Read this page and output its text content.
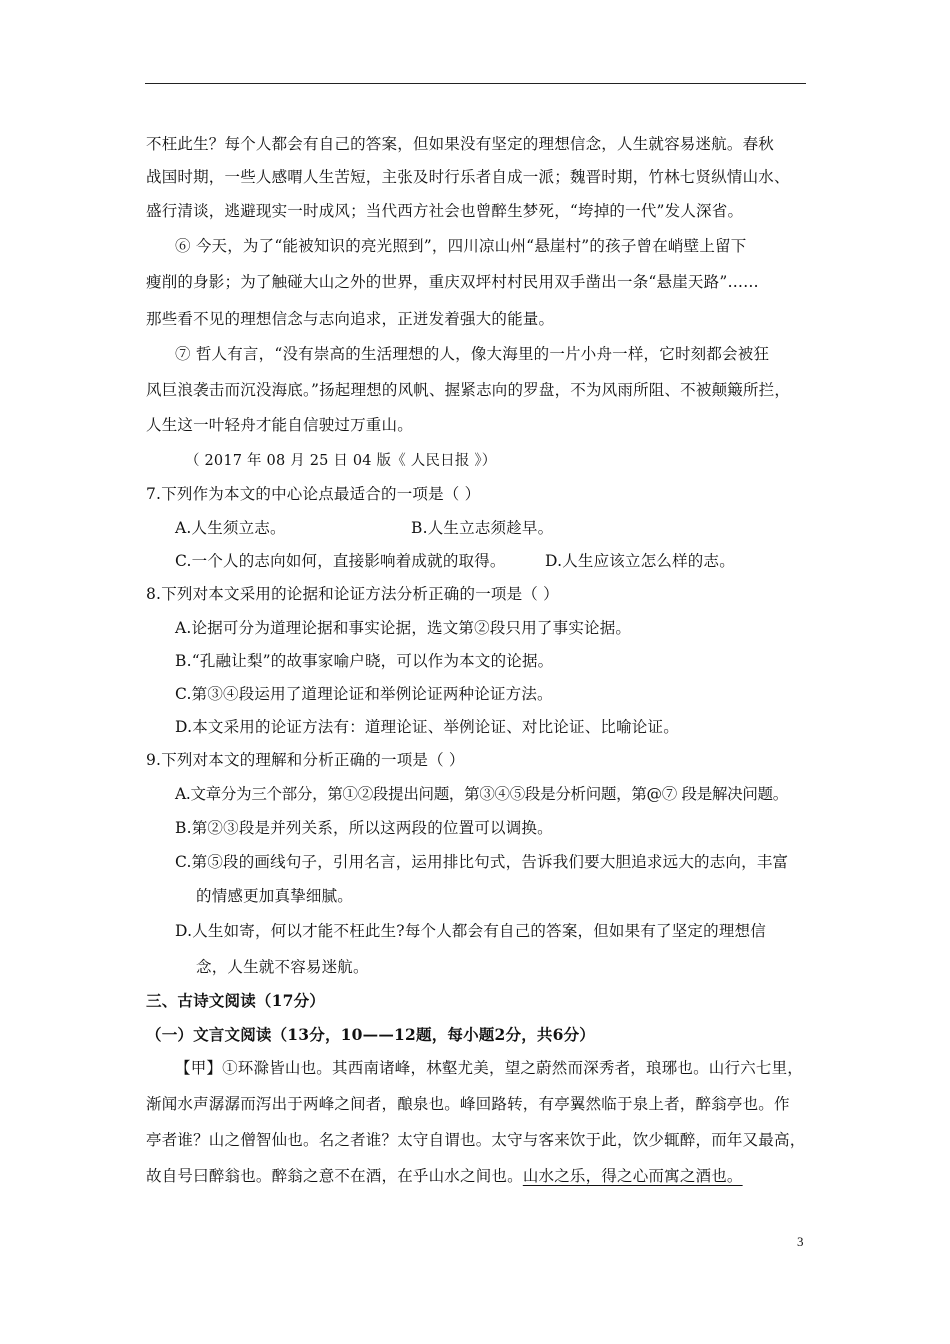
不枉此生？每个人都会有自己的答案，但如果没有坚定的理想信念，人生就容易迷航。春秋
战国时期，一些人感喟人生苦短，主张及时行乐者自成一派；魏晋时期，竹林七贤纵情山水、
盛行清谈，逃避现实一时成风；当代西方社会也曾醉生梦死，“垮掉的一代”发人深省。
⑥ 今天，为了“能被知识的亮光照到”，四川凉山州“悬崖村”的孩子曾在峭壁上留下
瘦削的身影；为了触碰大山之外的世界，重庆双坪村村民用双手凿出一条“悬崖天路”……
那些看不见的理想信念与志向追求，正迸发着强大的能量。
⑦ 哲人有言，“没有崇高的生活理想的人，像大海里的一片小舟一样，它时刻都会被狂
风巨浪袭击而沉没海底。”扬起理想的风帆、握紧志向的罗盘，不为风雨所阻、不被颠簸所拦，
人生这一叶轻舟才能自信驶过万重山。
（ 2017 年 08 月 25 日 04 版《 人民日报 》）
7.下列作为本文的中心论点最适合的一项是（ ）
A.人生须立志。	B.人生立志须趁早。
C.一个人的志向如何，直接影响着成就的取得。	D.人生应该立怎么样的志。
8.下列对本文采用的论据和论证方法分析正确的一项是（ ）
A.论据可分为道理论据和事实论据，选文第②段只用了事实论据。
B.“孔融让梨”的故事家喻户晓，可以作为本文的论据。
C.第③④段运用了道理论证和举例论证两种论证方法。
D.本文采用的论证方法有：道理论证、举例论证、对比论证、比喻论证。
9.下列对本文的理解和分析正确的一项是（ ）
A.文章分为三个部分，第①②段提出问题，第③④⑤段是分析问题，第@⑦ 段是解决问题。
B.第②③段是并列关系，所以这两段的位置可以调换。
C.第⑤段的画线句子，引用名言，运用排比句式，告诉我们要大胆追求远大的志向，丰富
的情感更加真挚细腻。
D.人生如寄，何以才能不枉此生?每个人都会有自己的答案，但如果有了坚定的理想信
念，人生就不容易迷航。
三、古诗文阅读（17分）
（一）文言文阅读（13分，10——12题，每小题2分，共6分）
【甲】①环滁皆山也。其西南诸峰，林壑尤美，望之蔚然而深秀者，琅琊也。山行六七里，
渐闻水声潺潺而泻出于两峰之间者，酿泉也。峰回路转，有亭翼然临于泉上者，醉翁亭也。作
亭者谁？山之僧智仙也。名之者谁？太守自谓也。太守与客来饮于此，饮少辄醉，而年又最高，
故自号曰醉翁也。醉翁之意不在酒，在乎山水之间也。山水之乐，得之心而寓之酒也。
3
